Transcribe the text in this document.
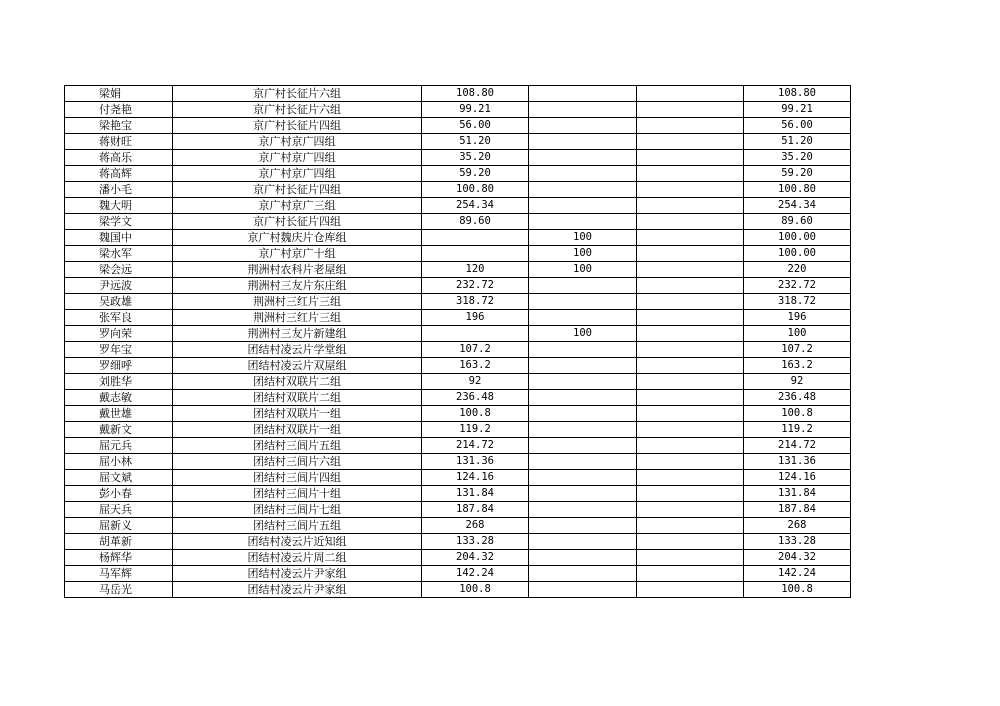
梁娟	京广村长征片六组	108.80			108.80
付尧艳	京广村长征片六组	99.21			99.21
梁艳宝	京广村长征片四组	56.00			56.00
蒋财旺	京广村京广四组	51.20			51.20
蒋高乐	京广村京广四组	35.20			35.20
蒋高辉	京广村京广四组	59.20			59.20
潘小毛	京广村长征片四组	100.80			100.80
魏大明	京广村京广三组	254.34			254.34
梁学文	京广村长征片四组	89.60			89.60
魏国中	京广村魏庆片仓库组		100		100.00
梁水军	京广村京广十组		100		100.00
梁会远	荆洲村农科片老屋组	120	100		220
尹远波	荆洲村三友片东庄组	232.72			232.72
吴政雄	荆洲村三红片三组	318.72			318.72
张军良	荆洲村三红片三组	196			196
罗向荣	荆洲村三友片新建组		100		100
罗年宝	团结村凌云片学堂组	107.2			107.2
罗细呼	团结村凌云片双屋组	163.2			163.2
刘胜华	团结村双联片二组	92			92
戴志敏	团结村双联片二组	236.48			236.48
戴世雄	团结村双联片一组	100.8			100.8
戴新文	团结村双联片一组	119.2			119.2
屈元兵	团结村三闾片五组	214.72			214.72
屈小林	团结村三闾片六组	131.36			131.36
屈文斌	团结村三闾片四组	124.16			124.16
彭小春	团结村三闾片十组	131.84			131.84
屈天兵	团结村三闾片七组	187.84			187.84
屈新义	团结村三闾片五组	268			268
胡革新	团结村凌云片近知组	133.28			133.28
杨辉华	团结村凌云片周二组	204.32			204.32
马军辉	团结村凌云片尹家组	142.24			142.24
马岳光	团结村凌云片尹家组	100.8			100.8
